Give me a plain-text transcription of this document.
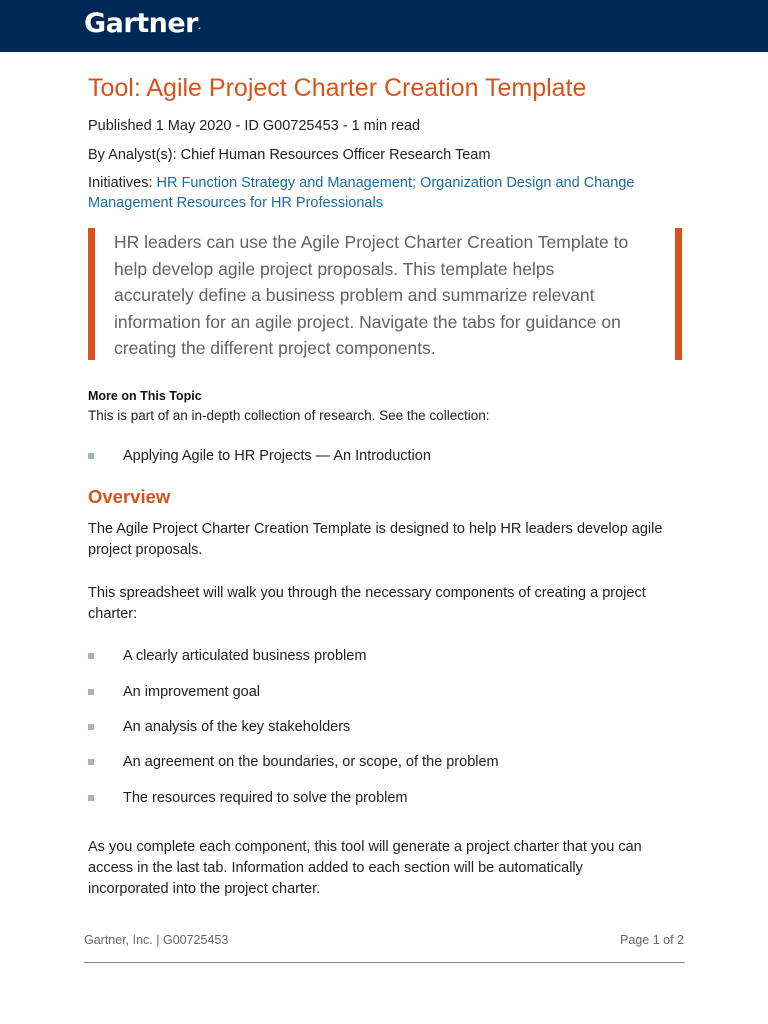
Gartner.
Tool: Agile Project Charter Creation Template
Published 1 May 2020 - ID G00725453 - 1 min read
By Analyst(s): Chief Human Resources Officer Research Team
Initiatives: HR Function Strategy and Management; Organization Design and Change
Management Resources for HR Professionals
HR leaders can use the Agile Project Charter Creation Template to
help develop agile project proposals. This template helps
accurately define a business problem and summarize relevant
information for an agile project. Navigate the tabs for guidance on
creating the different project components.
More on This Topic
This is part of an in-depth collection of research. See the collection:
Applying Agile to HR Projects — An Introduction
Overview
The Agile Project Charter Creation Template is designed to help HR leaders develop agile
project proposals.
This spreadsheet will walk you through the necessary components of creating a project
charter:
A clearly articulated business problem
An improvement goal
An analysis of the key stakeholders
An agreement on the boundaries, or scope, of the problem
The resources required to solve the problem
As you complete each component, this tool will generate a project charter that you can
access in the last tab. Information added to each section will be automatically
incorporated into the project charter.
Gartner, Inc. | G00725453	Page 1 of 2
